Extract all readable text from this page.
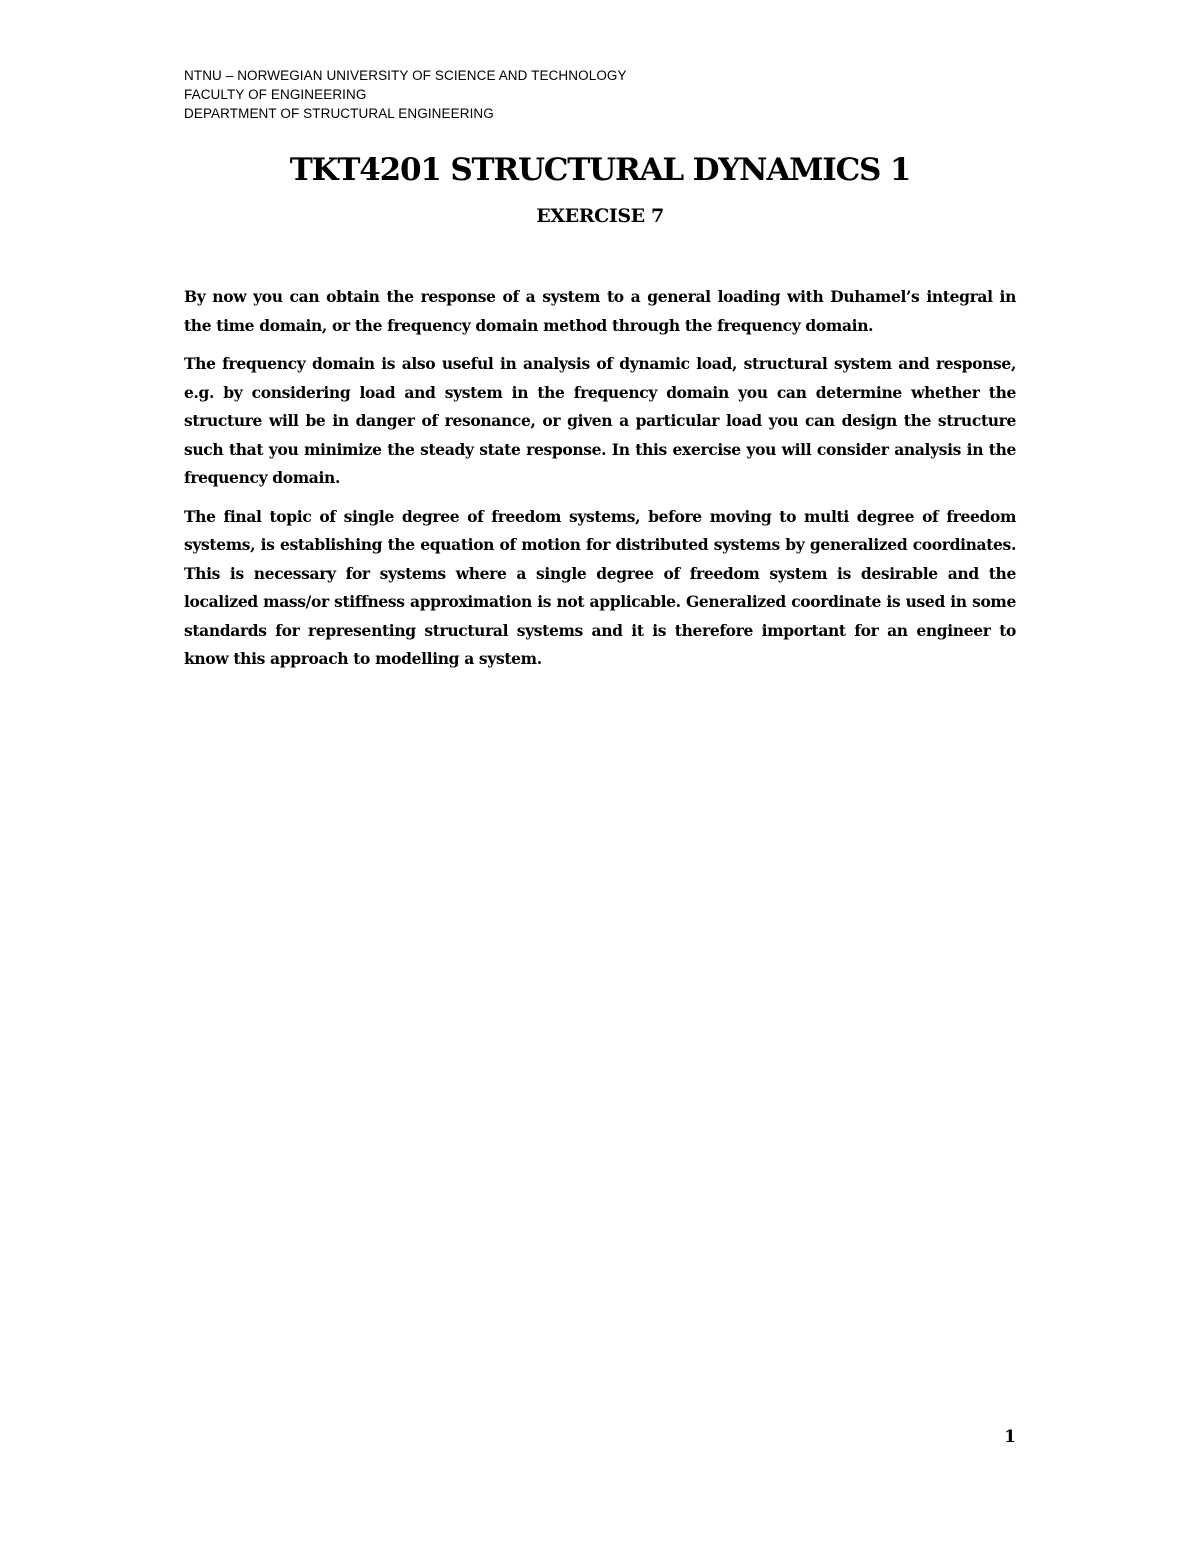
NTNU – NORWEGIAN UNIVERSITY OF SCIENCE AND TECHNOLOGY
FACULTY OF ENGINEERING
DEPARTMENT OF STRUCTURAL ENGINEERING
TKT4201 STRUCTURAL DYNAMICS 1
EXERCISE 7

By now you can obtain the response of a system to a general loading with Duhamel’s integral in the time domain, or the frequency domain method through the frequency domain.

The frequency domain is also useful in analysis of dynamic load, structural system and response, e.g. by considering load and system in the frequency domain you can determine whether the structure will be in danger of resonance, or given a particular load you can design the structure such that you minimize the steady state response. In this exercise you will consider analysis in the frequency domain.

The final topic of single degree of freedom systems, before moving to multi degree of freedom systems, is establishing the equation of motion for distributed systems by generalized coordinates. This is necessary for systems where a single degree of freedom system is desirable and the localized mass/or stiffness approximation is not applicable. Generalized coordinate is used in some standards for representing structural systems and it is therefore important for an engineer to know this approach to modelling a system.

1
